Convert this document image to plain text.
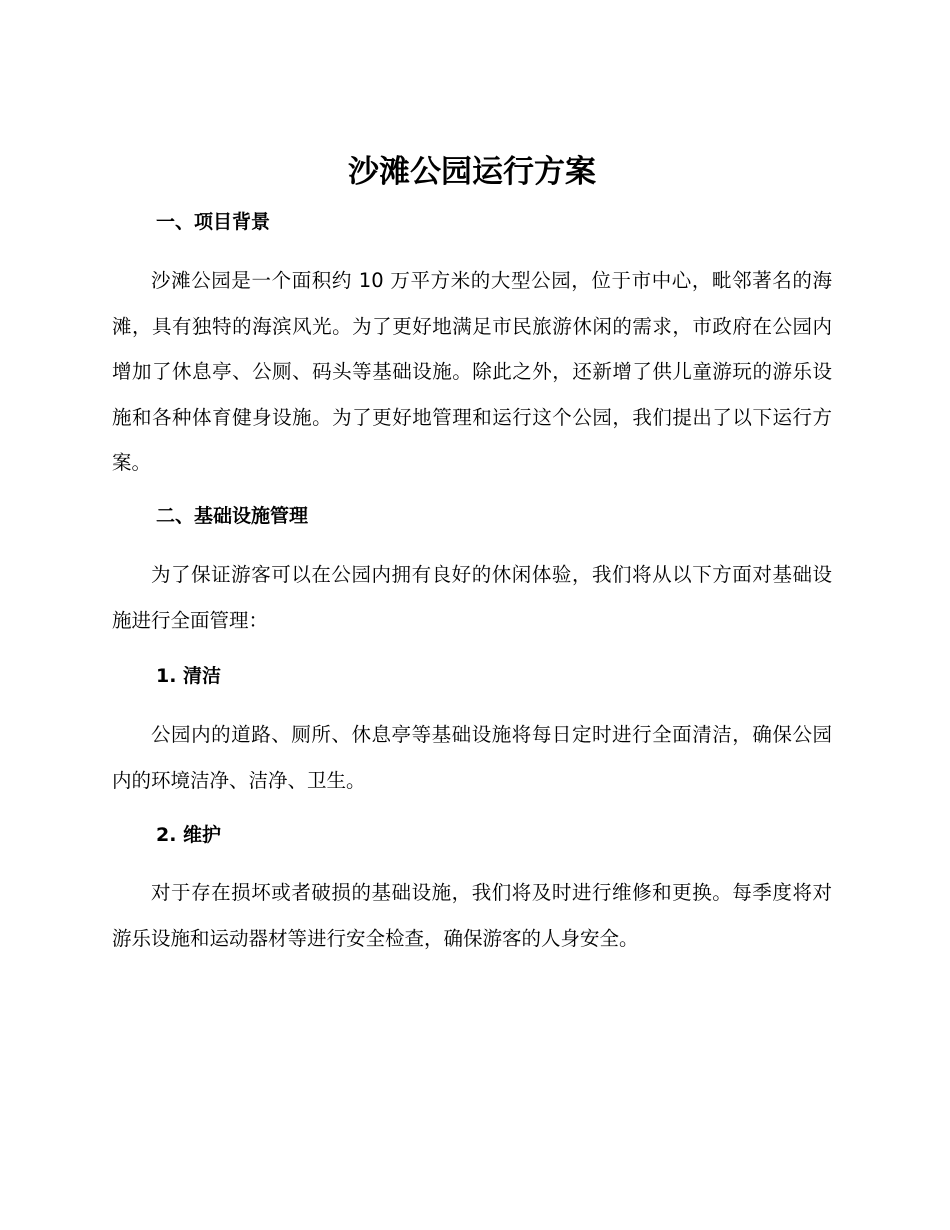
沙滩公园运行方案
一、项目背景

沙滩公园是一个面积约 10 万平方米的大型公园，位于市中心，毗邻著名的海滩，具有独特的海滨风光。为了更好地满足市民旅游休闲的需求，市政府在公园内增加了休息亭、公厕、码头等基础设施。除此之外，还新增了供儿童游玩的游乐设施和各种体育健身设施。为了更好地管理和运行这个公园，我们提出了以下运行方案。

二、基础设施管理

为了保证游客可以在公园内拥有良好的休闲体验，我们将从以下方面对基础设施进行全面管理：

1. 清洁

公园内的道路、厕所、休息亭等基础设施将每日定时进行全面清洁，确保公园内的环境洁净、洁净、卫生。

2. 维护

对于存在损坏或者破损的基础设施，我们将及时进行维修和更换。每季度将对游乐设施和运动器材等进行安全检查，确保游客的人身安全。
